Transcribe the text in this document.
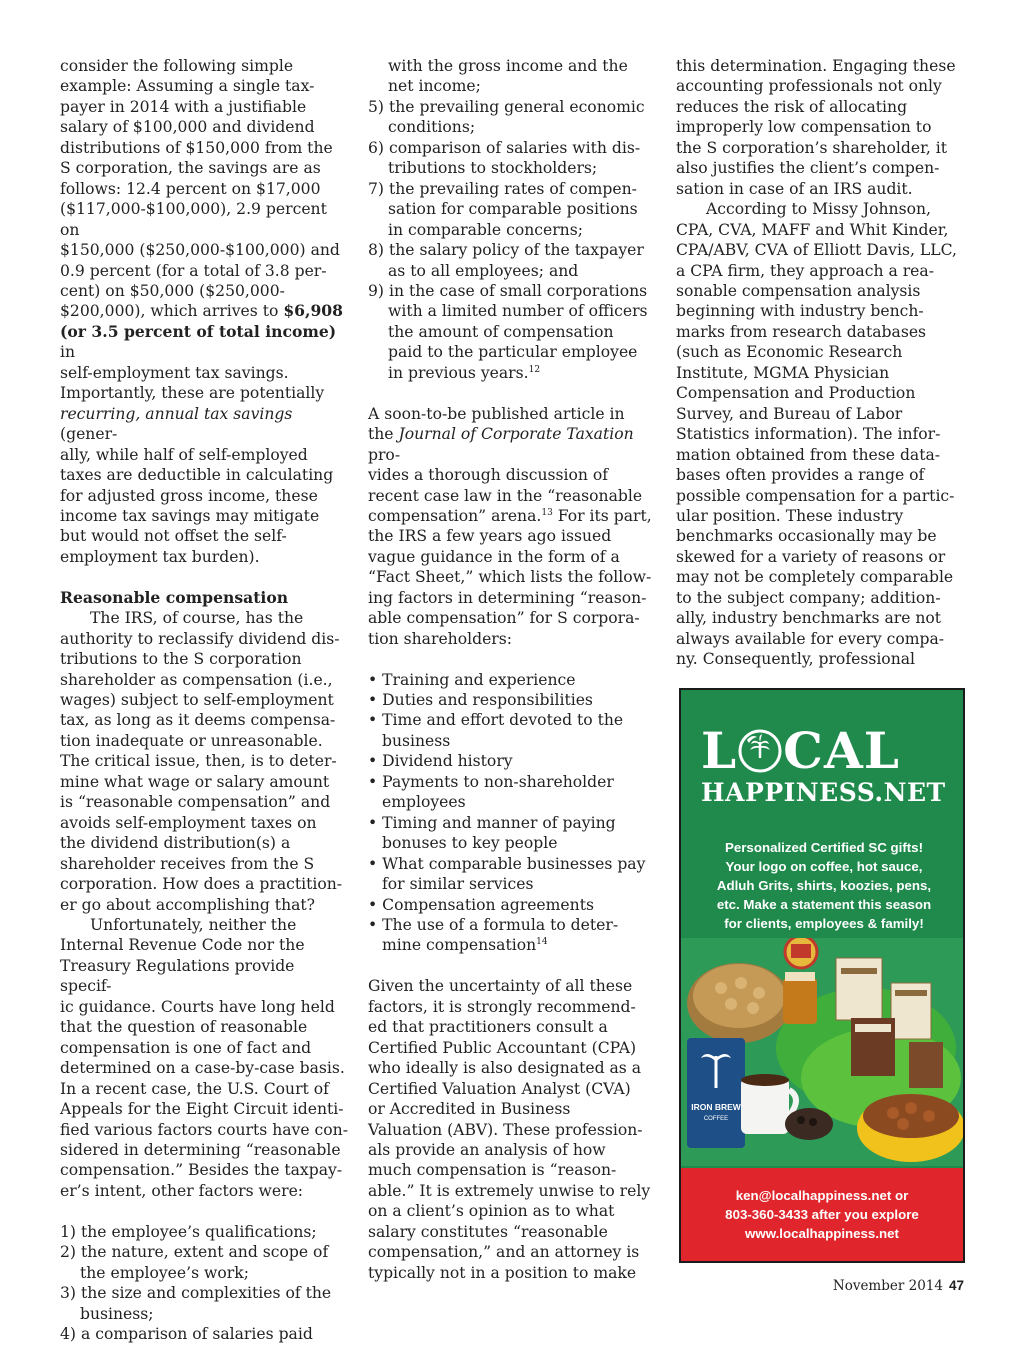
consider the following simple

example: Assuming a single tax-

payer in 2014 with a justifiable

salary of $100,000 and dividend

distributions of $150,000 from the

S corporation, the savings are as

follows: 12.4 percent on $17,000

($117,000-$100,000), 2.9 percent on

$150,000 ($250,000-$100,000) and

0.9 percent (for a total of 3.8 per-

cent) on $50,000 ($250,000-

$200,000), which arrives to $6,908

(or 3.5 percent of total income) in

self-employment tax savings.

Importantly, these are potentially

recurring, annual tax savings (gener-

ally, while half of self-employed

taxes are deductible in calculating

for adjusted gross income, these

income tax savings may mitigate

but would not offset the self-

employment tax burden).

Reasonable compensation

The IRS, of course, has the

authority to reclassify dividend dis-

tributions to the S corporation

shareholder as compensation (i.e.,

wages) subject to self-employment

tax, as long as it deems compensa-

tion inadequate or unreasonable.

The critical issue, then, is to deter-

mine what wage or salary amount

is “reasonable compensation” and

avoids self-employment taxes on

the dividend distribution(s) a

shareholder receives from the S

corporation. How does a practition-

er go about accomplishing that?

Unfortunately, neither the

Internal Revenue Code nor the

Treasury Regulations provide specif-

ic guidance. Courts have long held

that the question of reasonable

compensation is one of fact and

determined on a case-by-case basis.

In a recent case, the U.S. Court of

Appeals for the Eight Circuit identi-

fied various factors courts have con-

sidered in determining “reasonable

compensation.” Besides the taxpay-

er’s intent, other factors were:

1) the employee’s qualifications;

2) the nature, extent and scope of

the employee’s work;

3) the size and complexities of the

business;

4) a comparison of salaries paid

with the gross income and the

net income;

5) the prevailing general economic

conditions;

6) comparison of salaries with dis-

tributions to stockholders;

7) the prevailing rates of compen-

sation for comparable positions

in comparable concerns;

8) the salary policy of the taxpayer

as to all employees; and

9) in the case of small corporations

with a limited number of officers

the amount of compensation

paid to the particular employee

in previous years.$^{12}$

A soon-to-be published article in

the Journal of Corporate Taxation pro-

vides a thorough discussion of

recent case law in the “reasonable

compensation” arena.$^{13}$ For its part,

the IRS a few years ago issued

vague guidance in the form of a

“Fact Sheet,” which lists the follow-

ing factors in determining “reason-

able compensation” for S corpora-

tion shareholders:

• Training and experience

• Duties and responsibilities

• Time and effort devoted to the

business

• Dividend history

• Payments to non-shareholder

employees

• Timing and manner of paying

bonuses to key people

• What comparable businesses pay

for similar services

• Compensation agreements

• The use of a formula to deter-

mine compensation$^{14}$

Given the uncertainty of all these

factors, it is strongly recommend-

ed that practitioners consult a

Certified Public Accountant (CPA)

who ideally is also designated as a

Certified Valuation Analyst (CVA)

or Accredited in Business

Valuation (ABV). These profession-

als provide an analysis of how

much compensation is “reason-

able.” It is extremely unwise to rely

on a client’s opinion as to what

salary constitutes “reasonable

compensation,” and an attorney is

typically not in a position to make

this determination. Engaging these

accounting professionals not only

reduces the risk of allocating

improperly low compensation to

the S corporation’s shareholder, it

also justifies the client’s compen-

sation in case of an IRS audit.

According to Missy Johnson,

CPA, CVA, MAFF and Whit Kinder,

CPA/ABV, CVA of Elliott Davis, LLC,

a CPA firm, they approach a rea-

sonable compensation analysis

beginning with industry bench-

marks from research databases

(such as Economic Research

Institute, MGMA Physician

Compensation and Production

Survey, and Bureau of Labor

Statistics information). The infor-

mation obtained from these data-

bases often provides a range of

possible compensation for a partic-

ular position. These industry

benchmarks occasionally may be

skewed for a variety of reasons or

may not be completely comparable

to the subject company; addition-

ally, industry benchmarks are not

always available for every compa-

ny. Consequently, professional

L CAL
HAPPINESS.NET
Personalized Certified SC gifts!
Your logo on coffee, hot sauce,
Adluh Grits, shirts, koozies, pens,
etc. Make a statement this season
for clients, employees & family!
IRON BREW
COFFEE
ken@localhappiness.net or
803-360-3433 after you explore
www.localhappiness.net
November 2014 47
